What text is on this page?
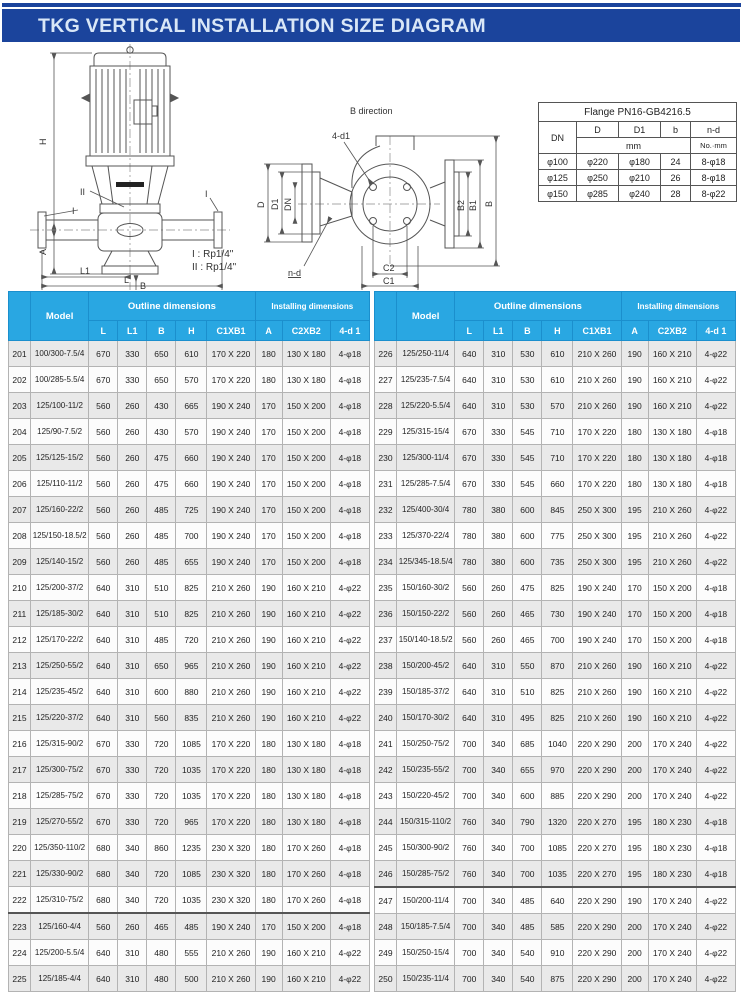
TKG VERTICAL INSTALLATION SIZE DIAGRAM
H
A
L1
L
B
II
I
I
B direction
4-d1
D D1 DN
n-d
B2 B1 B
C2
C1
I : Rp1/4"
II : Rp1/4"
Flange PN16-GB4216.5				
DN	D	D1	b	n-d
	mm			No.·mm
φ100	φ220	φ180	24	8-φ18
φ125	φ250	φ210	26	8-φ18
φ150	φ285	φ240	28	8-φ22
	Model	Outline dimensions					Installing dimensions		
		L	L1	B	H	C1XB1	A	C2XB2	4-d 1
201	100/300-7.5/4	670	330	650	610	170 X 220	180	130 X 180	4-φ18
202	100/285-5.5/4	670	330	650	570	170 X 220	180	130 X 180	4-φ18
203	125/100-11/2	560	260	430	665	190 X 240	170	150 X 200	4-φ18
204	125/90-7.5/2	560	260	430	570	190 X 240	170	150 X 200	4-φ18
205	125/125-15/2	560	260	475	660	190 X 240	170	150 X 200	4-φ18
206	125/110-11/2	560	260	475	660	190 X 240	170	150 X 200	4-φ18
207	125/160-22/2	560	260	485	725	190 X 240	170	150 X 200	4-φ18
208	125/150-18.5/2	560	260	485	700	190 X 240	170	150 X 200	4-φ18
209	125/140-15/2	560	260	485	655	190 X 240	170	150 X 200	4-φ18
210	125/200-37/2	640	310	510	825	210 X 260	190	160 X 210	4-φ22
211	125/185-30/2	640	310	510	825	210 X 260	190	160 X 210	4-φ22
212	125/170-22/2	640	310	485	720	210 X 260	190	160 X 210	4-φ22
213	125/250-55/2	640	310	650	965	210 X 260	190	160 X 210	4-φ22
214	125/235-45/2	640	310	600	880	210 X 260	190	160 X 210	4-φ22
215	125/220-37/2	640	310	560	835	210 X 260	190	160 X 210	4-φ22
216	125/315-90/2	670	330	720	1085	170 X 220	180	130 X 180	4-φ18
217	125/300-75/2	670	330	720	1035	170 X 220	180	130 X 180	4-φ18
218	125/285-75/2	670	330	720	1035	170 X 220	180	130 X 180	4-φ18
219	125/270-55/2	670	330	720	965	170 X 220	180	130 X 180	4-φ18
220	125/350-110/2	680	340	860	1235	230 X 320	180	170 X 260	4-φ18
221	125/330-90/2	680	340	720	1085	230 X 320	180	170 X 260	4-φ18
222	125/310-75/2	680	340	720	1035	230 X 320	180	170 X 260	4-φ18
223	125/160-4/4	560	260	465	485	190 X 240	170	150 X 200	4-φ18
224	125/200-5.5/4	640	310	480	555	210 X 260	190	160 X 210	4-φ22
225	125/185-4/4	640	310	480	500	210 X 260	190	160 X 210	4-φ22
	Model	Outline dimensions					Installing dimensions		
		L	L1	B	H	C1XB1	A	C2XB2	4-d 1
226	125/250-11/4	640	310	530	610	210 X 260	190	160 X 210	4-φ22
227	125/235-7.5/4	640	310	530	610	210 X 260	190	160 X 210	4-φ22
228	125/220-5.5/4	640	310	530	570	210 X 260	190	160 X 210	4-φ22
229	125/315-15/4	670	330	545	710	170 X 220	180	130 X 180	4-φ18
230	125/300-11/4	670	330	545	710	170 X 220	180	130 X 180	4-φ18
231	125/285-7.5/4	670	330	545	660	170 X 220	180	130 X 180	4-φ18
232	125/400-30/4	780	380	600	845	250 X 300	195	210 X 260	4-φ22
233	125/370-22/4	780	380	600	775	250 X 300	195	210 X 260	4-φ22
234	125/345-18.5/4	780	380	600	735	250 X 300	195	210 X 260	4-φ22
235	150/160-30/2	560	260	475	825	190 X 240	170	150 X 200	4-φ18
236	150/150-22/2	560	260	465	730	190 X 240	170	150 X 200	4-φ18
237	150/140-18.5/2	560	260	465	700	190 X 240	170	150 X 200	4-φ18
238	150/200-45/2	640	310	550	870	210 X 260	190	160 X 210	4-φ22
239	150/185-37/2	640	310	510	825	210 X 260	190	160 X 210	4-φ22
240	150/170-30/2	640	310	495	825	210 X 260	190	160 X 210	4-φ22
241	150/250-75/2	700	340	685	1040	220 X 290	200	170 X 240	4-φ22
242	150/235-55/2	700	340	655	970	220 X 290	200	170 X 240	4-φ22
243	150/220-45/2	700	340	600	885	220 X 290	200	170 X 240	4-φ22
244	150/315-110/2	760	340	790	1320	220 X 270	195	180 X 230	4-φ18
245	150/300-90/2	760	340	700	1085	220 X 270	195	180 X 230	4-φ18
246	150/285-75/2	760	340	700	1035	220 X 270	195	180 X 230	4-φ18
247	150/200-11/4	700	340	485	640	220 X 290	190	170 X 240	4-φ22
248	150/185-7.5/4	700	340	485	585	220 X 290	200	170 X 240	4-φ22
249	150/250-15/4	700	340	540	910	220 X 290	200	170 X 240	4-φ22
250	150/235-11/4	700	340	540	875	220 X 290	200	170 X 240	4-φ22
